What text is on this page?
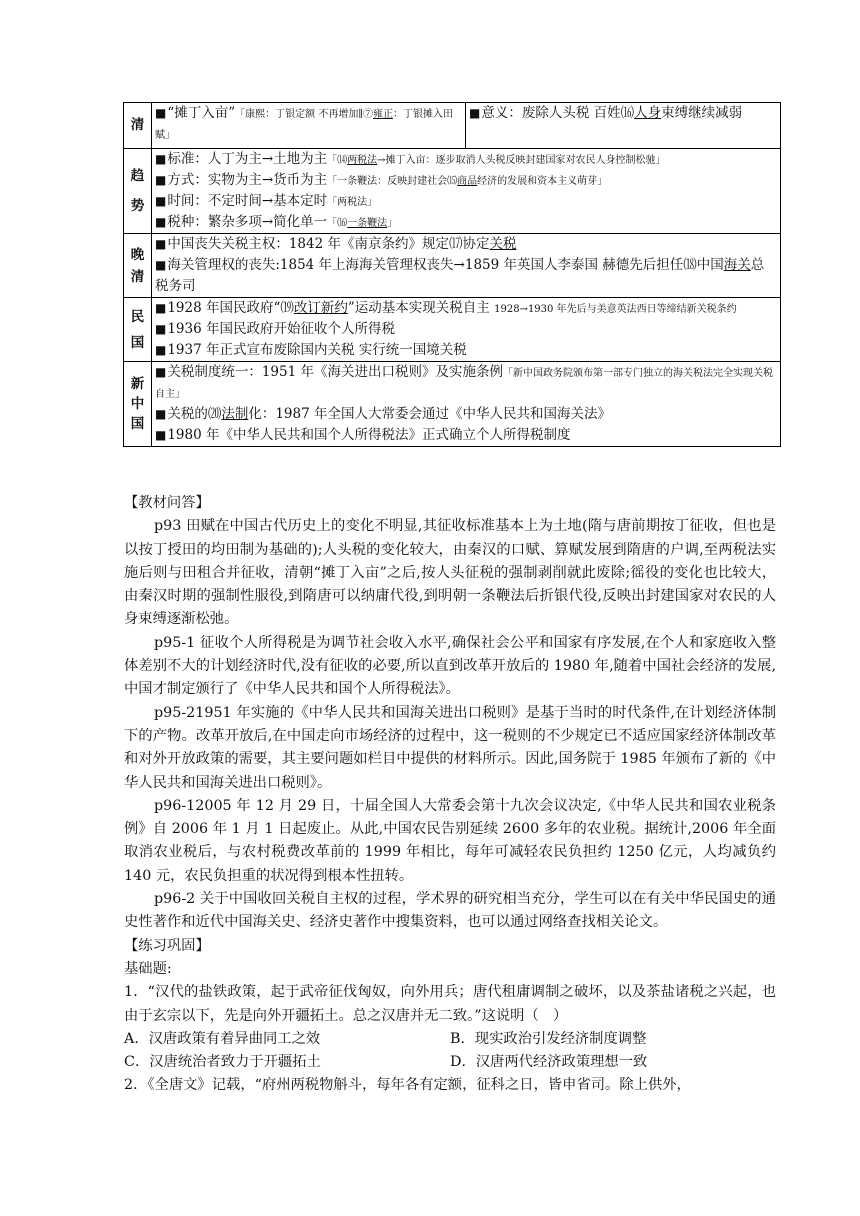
清	■ “摊丁入亩”「康熙：丁银定额 不再增加∥⑦雍正：丁银摊入田赋」	■ 意义：废除人头税 百姓⒃人身束缚继续减弱
趋势	
■ 标准：人丁为主→土地为主「⒁两税法→摊丁入亩：逐步取消人头税反映封建国家对农民人身控制松驰」
■ 方式：实物为主→货币为主「一条鞭法：反映封建社会⒂商品经济的发展和资本主义萌芽」
■ 时间：不定时间→基本定时「两税法」
■ 税种：繁杂多项→简化单一「⒃一条鞭法」

晚清	
■ 中国丧失关税主权：1842 年《南京条约》规定⒄协定关税
■ 海关管理权的丧失:1854 年上海海关管理权丧失→1859 年英国人李泰国 赫德先后担任⒅中国海关总税务司

民国	
■ 1928 年国民政府“⒆改订新约”运动基本实现关税自主 1928→1930 年先后与美意英法西日等缔结新关税条约
■ 1936 年国民政府开始征收个人所得税
■ 1937 年正式宣布废除国内关税 实行统一国境关税

新中国	
■ 关税制度统一：1951 年《海关进出口税则》及实施条例「新中国政务院颁布第一部专门独立的海关税法完全实现关税自主」
■ 关税的⒇法制化：1987 年全国人大常委会通过《中华人民共和国海关法》
■ 1980 年《中华人民共和国个人所得税法》正式确立个人所得税制度

【教材问答】

p93 田赋在中国古代历史上的变化不明显,其征收标准基本上为土地(隋与唐前期按丁征收，但也是以按丁授田的均田制为基础的);人头税的变化较大，由秦汉的口赋、算赋发展到隋唐的户调,至两税法实施后则与田租合并征收，清朝“摊丁入亩”之后,按人头征税的强制剥削就此废除;徭役的变化也比较大，由秦汉时期的强制性服役,到隋唐可以纳庸代役,到明朝一条鞭法后折银代役,反映出封建国家对农民的人身束缚逐渐松弛。

p95-1 征收个人所得税是为调节社会收入水平,确保社会公平和国家有序发展,在个人和家庭收入整体差别不大的计划经济时代,没有征收的必要,所以直到改革开放后的 1980 年,随着中国社会经济的发展,中国才制定颁行了《中华人民共和国个人所得税法》。

p95-21951 年实施的《中华人民共和国海关进出口税则》是基于当时的时代条件,在计划经济体制下的产物。改革开放后,在中国走向市场经济的过程中，这一税则的不少规定已不适应国家经济体制改革和对外开放政策的需要，其主要问题如栏目中提供的材料所示。因此,国务院于 1985 年颁布了新的《中华人民共和国海关进出口税则》。

p96-12005 年 12 月 29 日，十届全国人大常委会第十九次会议决定,《中华人民共和国农业税条例》自 2006 年 1 月 1 日起废止。从此,中国农民告别延续 2600 多年的农业税。据统计,2006 年全面取消农业税后，与农村税费改革前的 1999 年相比，每年可减轻农民负担约 1250 亿元，人均减负约 140 元，农民负担重的状况得到根本性扭转。

p96-2 关于中国收回关税自主权的过程，学术界的研究相当充分，学生可以在有关中华民国史的通史性著作和近代中国海关史、经济史著作中搜集资料，也可以通过网络查找相关论文。

【练习巩固】

基础题:

1．“汉代的盐铁政策，起于武帝征伐匈奴，向外用兵；唐代租庸调制之破坏，以及茶盐诸税之兴起，也由于玄宗以下，先是向外开疆拓土。总之汉唐并无二致。”这说明（　）

A．汉唐政策有着异曲同工之效	B．现实政治引发经济制度调整
C．汉唐统治者致力于开疆拓土	D．汉唐两代经济政策理想一致

2．《全唐文》记载，“府州两税物斛斗，每年各有定额，征科之日，皆申省司。除上供外，
